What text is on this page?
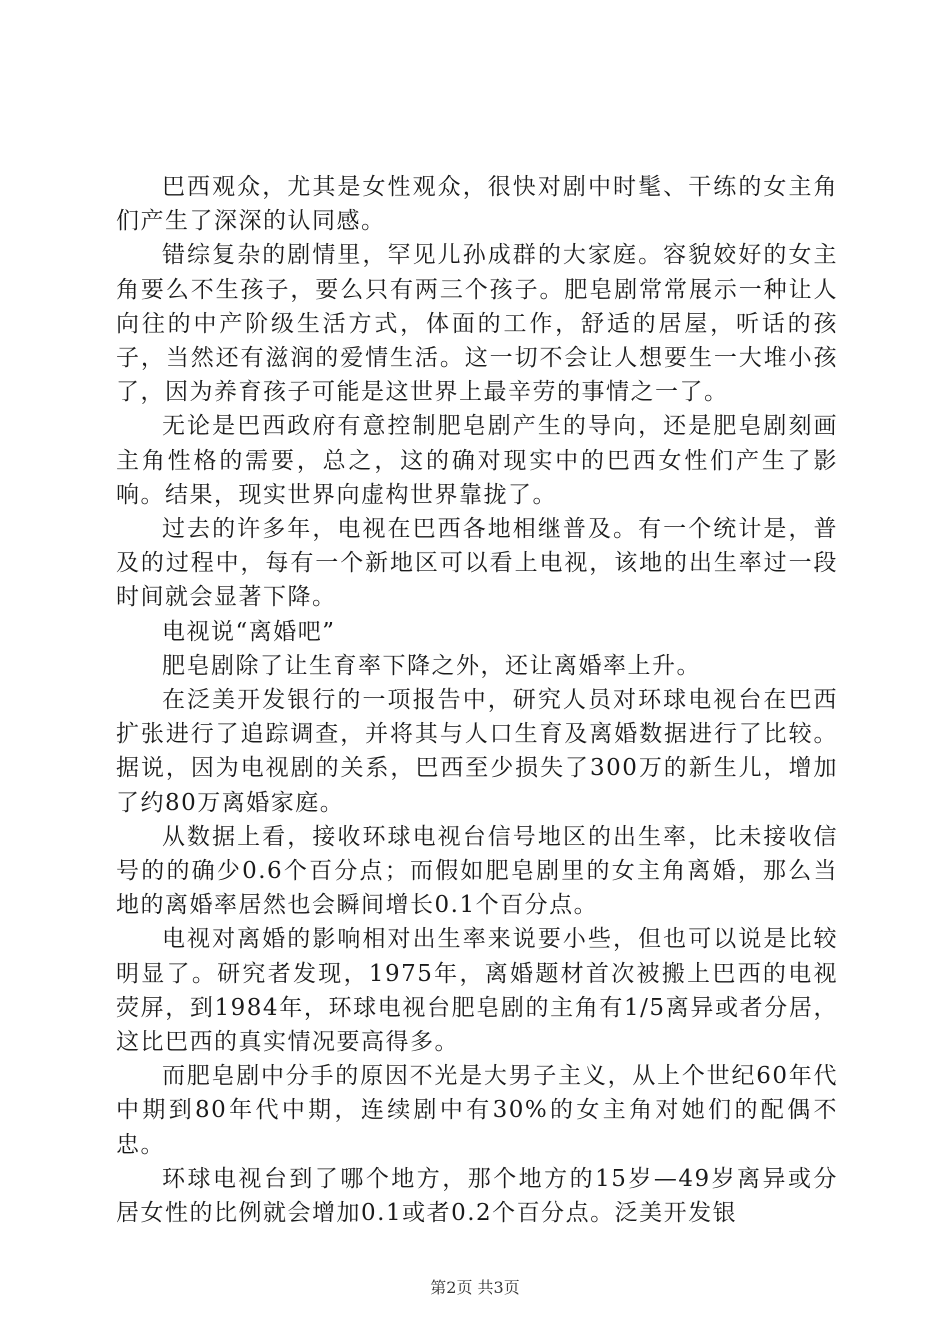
巴西观众，尤其是女性观众，很快对剧中时髦、干练的女主角们产生了深深的认同感。

错综复杂的剧情里，罕见儿孙成群的大家庭。容貌姣好的女主角要么不生孩子，要么只有两三个孩子。肥皂剧常常展示一种让人向往的中产阶级生活方式，体面的工作，舒适的居屋，听话的孩子，当然还有滋润的爱情生活。这一切不会让人想要生一大堆小孩了，因为养育孩子可能是这世界上最辛劳的事情之一了。

无论是巴西政府有意控制肥皂剧产生的导向，还是肥皂剧刻画主角性格的需要，总之，这的确对现实中的巴西女性们产生了影响。结果，现实世界向虚构世界靠拢了。

过去的许多年，电视在巴西各地相继普及。有一个统计是，普及的过程中，每有一个新地区可以看上电视，该地的出生率过一段时间就会显著下降。

电视说“离婚吧”

肥皂剧除了让生育率下降之外，还让离婚率上升。

在泛美开发银行的一项报告中，研究人员对环球电视台在巴西扩张进行了追踪调查，并将其与人口生育及离婚数据进行了比较。据说，因为电视剧的关系，巴西至少损失了300万的新生儿，增加了约80万离婚家庭。

从数据上看，接收环球电视台信号地区的出生率，比未接收信号的的确少0.6个百分点；而假如肥皂剧里的女主角离婚，那么当地的离婚率居然也会瞬间增长0.1个百分点。

电视对离婚的影响相对出生率来说要小些，但也可以说是比较明显了。研究者发现，1975年，离婚题材首次被搬上巴西的电视荧屏，到1984年，环球电视台肥皂剧的主角有1/5离异或者分居，这比巴西的真实情况要高得多。

而肥皂剧中分手的原因不光是大男子主义，从上个世纪60年代中期到80年代中期，连续剧中有30%的女主角对她们的配偶不忠。

环球电视台到了哪个地方，那个地方的15岁—49岁离异或分居女性的比例就会增加0.1或者0.2个百分点。泛美开发银

第2页 共3页
